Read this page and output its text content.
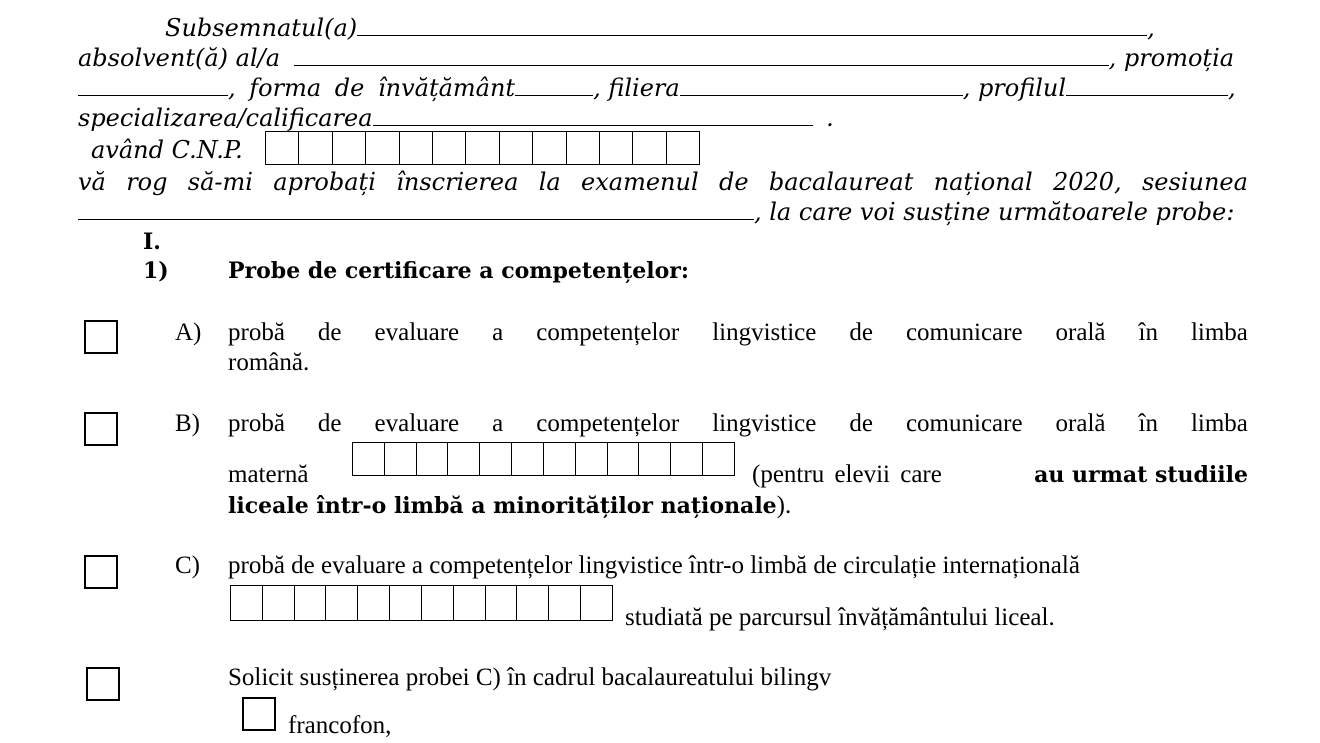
Subsemnatul(a)	,
absolvent(ă) al/a	, promoția
, forma de învățământ	, filiera	, profilul	,
specializarea/calificarea	.
având C.N.P.
vă rog să-mi aprobați înscrierea la examenul de bacalaureat național 2020, sesiunea
, la care voi susține următoarele probe:
I.
1)	Probe de certificare a competențelor:
A) probă de evaluare a competențelor lingvistice de comunicare orală în limba
română.
B) probă de evaluare a competențelor lingvistice de comunicare orală în limba
maternă	(pentru elevii care	au urmat studiile
liceale într-o limbă a minorităților naționale).
C) probă de evaluare a competențelor lingvistice într-o limbă de circulație internațională
studiată pe parcursul învățământului liceal.
Solicit susținerea probei C) în cadrul bacalaureatului bilingv
francofon,
